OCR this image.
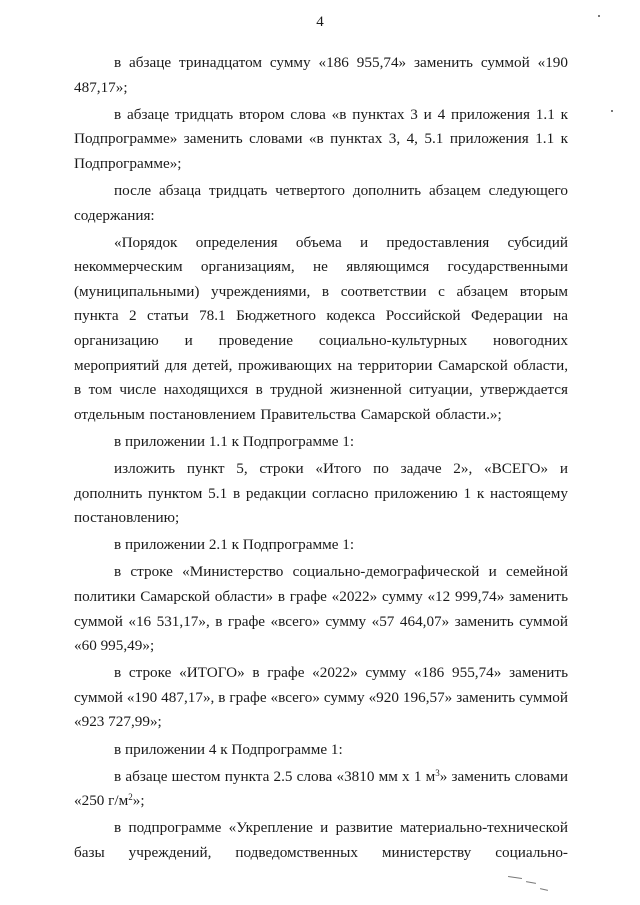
4

в абзаце тринадцатом сумму «186 955,74» заменить суммой «190 487,17»;

в абзаце тридцать втором слова «в пунктах 3 и 4 приложения 1.1 к Подпрограмме» заменить словами «в пунктах 3, 4, 5.1 приложения 1.1 к Подпрограмме»;

после абзаца тридцать четвертого дополнить абзацем следующего содержания:

«Порядок определения объема и предоставления субсидий некоммерческим организациям, не являющимся государственными (муниципальными) учреждениями, в соответствии с абзацем вторым пункта 2 статьи 78.1 Бюджетного кодекса Российской Федерации на организацию и проведение социально-культурных новогодних мероприятий для детей, проживающих на территории Самарской области, в том числе находящихся в трудной жизненной ситуации, утверждается отдельным постановлением Правительства Самарской области.»;

в приложении 1.1 к Подпрограмме 1:

изложить пункт 5, строки «Итого по задаче 2», «ВСЕГО» и дополнить пунктом 5.1 в редакции согласно приложению 1 к настоящему постановлению;

в приложении 2.1 к Подпрограмме 1:

в строке «Министерство социально-демографической и семейной политики Самарской области» в графе «2022» сумму «12 999,74» заменить суммой «16 531,17», в графе «всего» сумму «57 464,07» заменить суммой «60 995,49»;

в строке «ИТОГО» в графе «2022» сумму «186 955,74» заменить суммой «190 487,17», в графе «всего» сумму «920 196,57» заменить суммой «923 727,99»;

в приложении 4 к Подпрограмме 1:

в абзаце шестом пункта 2.5 слова «3810 мм х 1 $м^3$» заменить словами «250 $г/м^2$»;

в подпрограмме «Укрепление и развитие материально-технической базы учреждений, подведомственных министерству социально-
